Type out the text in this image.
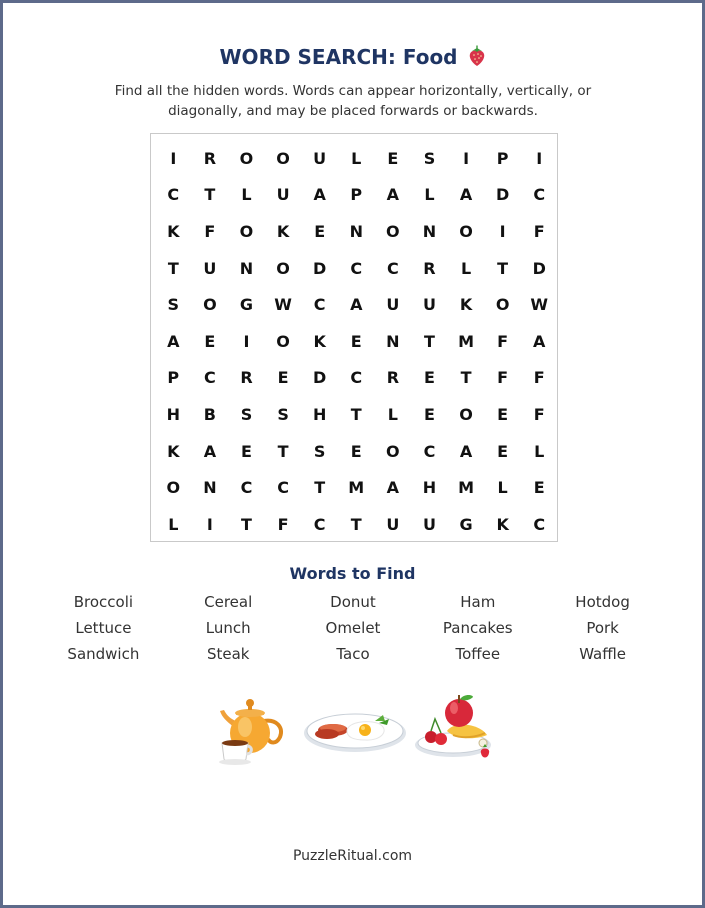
WORD SEARCH: Food
Find all the hidden words. Words can appear horizontally, vertically, or diagonally, and may be placed forwards or backwards.
I	R	O	O	U	L	E	S	I	P	I
C	T	L	U	A	P	A	L	A	D	C
K	F	O	K	E	N	O	N	O	I	F
T	U	N	O	D	C	C	R	L	T	D
S	O	G	W	C	A	U	U	K	O	W
A	E	I	O	K	E	N	T	M	F	A
P	C	R	E	D	C	R	E	T	F	F
H	B	S	S	H	T	L	E	O	E	F
K	A	E	T	S	E	O	C	A	E	L
O	N	C	C	T	M	A	H	M	L	E
L	I	T	F	C	T	U	U	G	K	C
Words to Find
Broccoli	Cereal	Donut	Ham	Hotdog
Lettuce	Lunch	Omelet	Pancakes	Pork
Sandwich	Steak	Taco	Toffee	Waffle
PuzzleRitual.com
